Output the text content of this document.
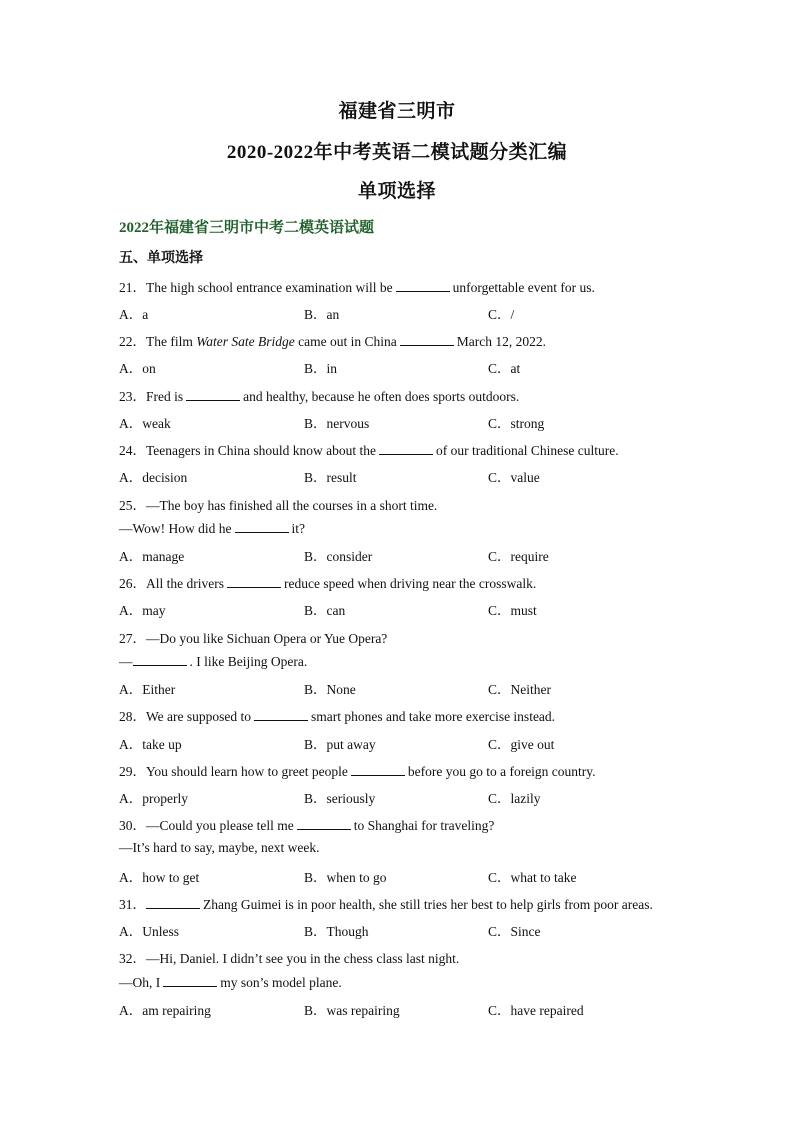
福建省三明市
2020-2022年中考英语二模试题分类汇编
单项选择
2022年福建省三明市中考二模英语试题
五、单项选择
21．The high school entrance examination will be	unforgettable event for us.
A．a	B．an	C．/
22．The film Water Sate Bridge came out in China	March 12, 2022.
A．on	B．in	C．at
23．Fred is	and healthy, because he often does sports outdoors.
A．weak	B．nervous	C．strong
24．Teenagers in China should know about the	of our traditional Chinese culture.
A．decision	B．result	C．value
25．—The boy has finished all the courses in a short time.
—Wow! How did he	it?
A．manage	B．consider	C．require
26．All the drivers	reduce speed when driving near the crosswalk.
A．may	B．can	C．must
27．—Do you like Sichuan Opera or Yue Opera?
—	. I like Beijing Opera.
A．Either	B．None	C．Neither
28．We are supposed to	smart phones and take more exercise instead.
A．take up	B．put away	C．give out
29．You should learn how to greet people	before you go to a foreign country.
A．properly	B．seriously	C．lazily
30．—Could you please tell me	to Shanghai for traveling?
—It’s hard to say, maybe, next week.
A．how to get	B．when to go	C．what to take
31．	Zhang Guimei is in poor health, she still tries her best to help girls from poor areas.
A．Unless	B．Though	C．Since
32．—Hi, Daniel. I didn’t see you in the chess class last night.
—Oh, I	my son’s model plane.
A．am repairing	B．was repairing	C．have repaired
